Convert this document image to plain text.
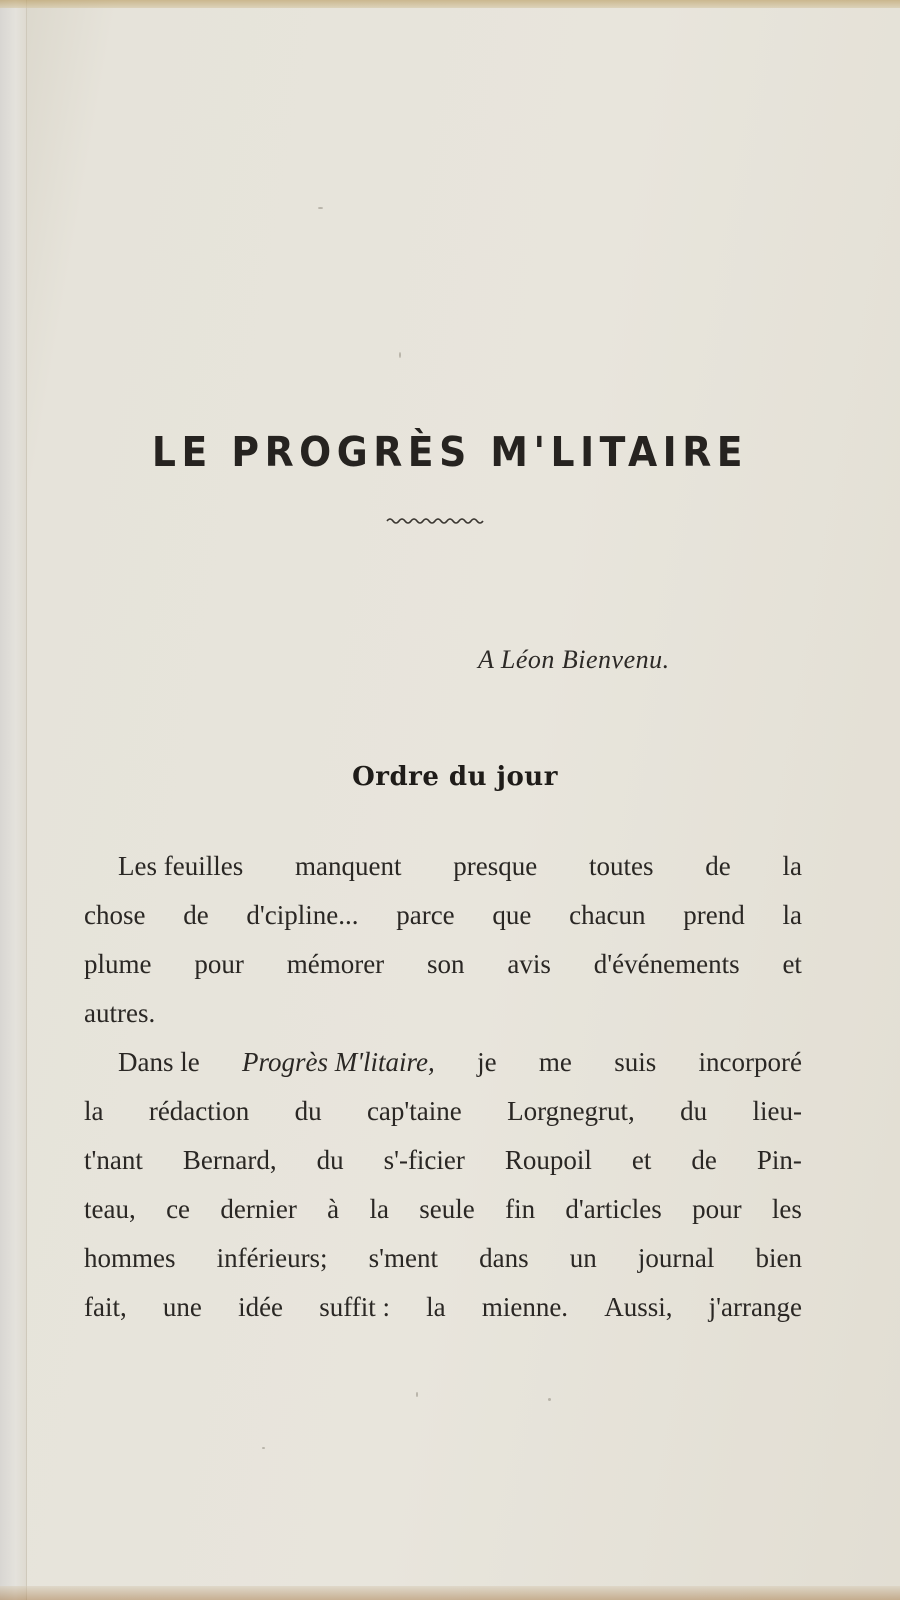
LE PROGRÈS M'LITAIRE
A Léon Bienvenu.
Ordre du jour
Les feuilles manquent presque toutes de la
chose de d'cipline... parce que chacun prend la
plume pour mémorer son avis d'événements et
autres.
Dans le Progrès M'litaire, je me suis incorporé
la rédaction du cap'taine Lorgnegrut, du lieu-
t'nant Bernard, du s'-ficier Roupoil et de Pin-
teau, ce dernier à la seule fin d'articles pour les
hommes inférieurs; s'ment dans un journal bien
fait, une idée suffit : la mienne. Aussi, j'arrange
